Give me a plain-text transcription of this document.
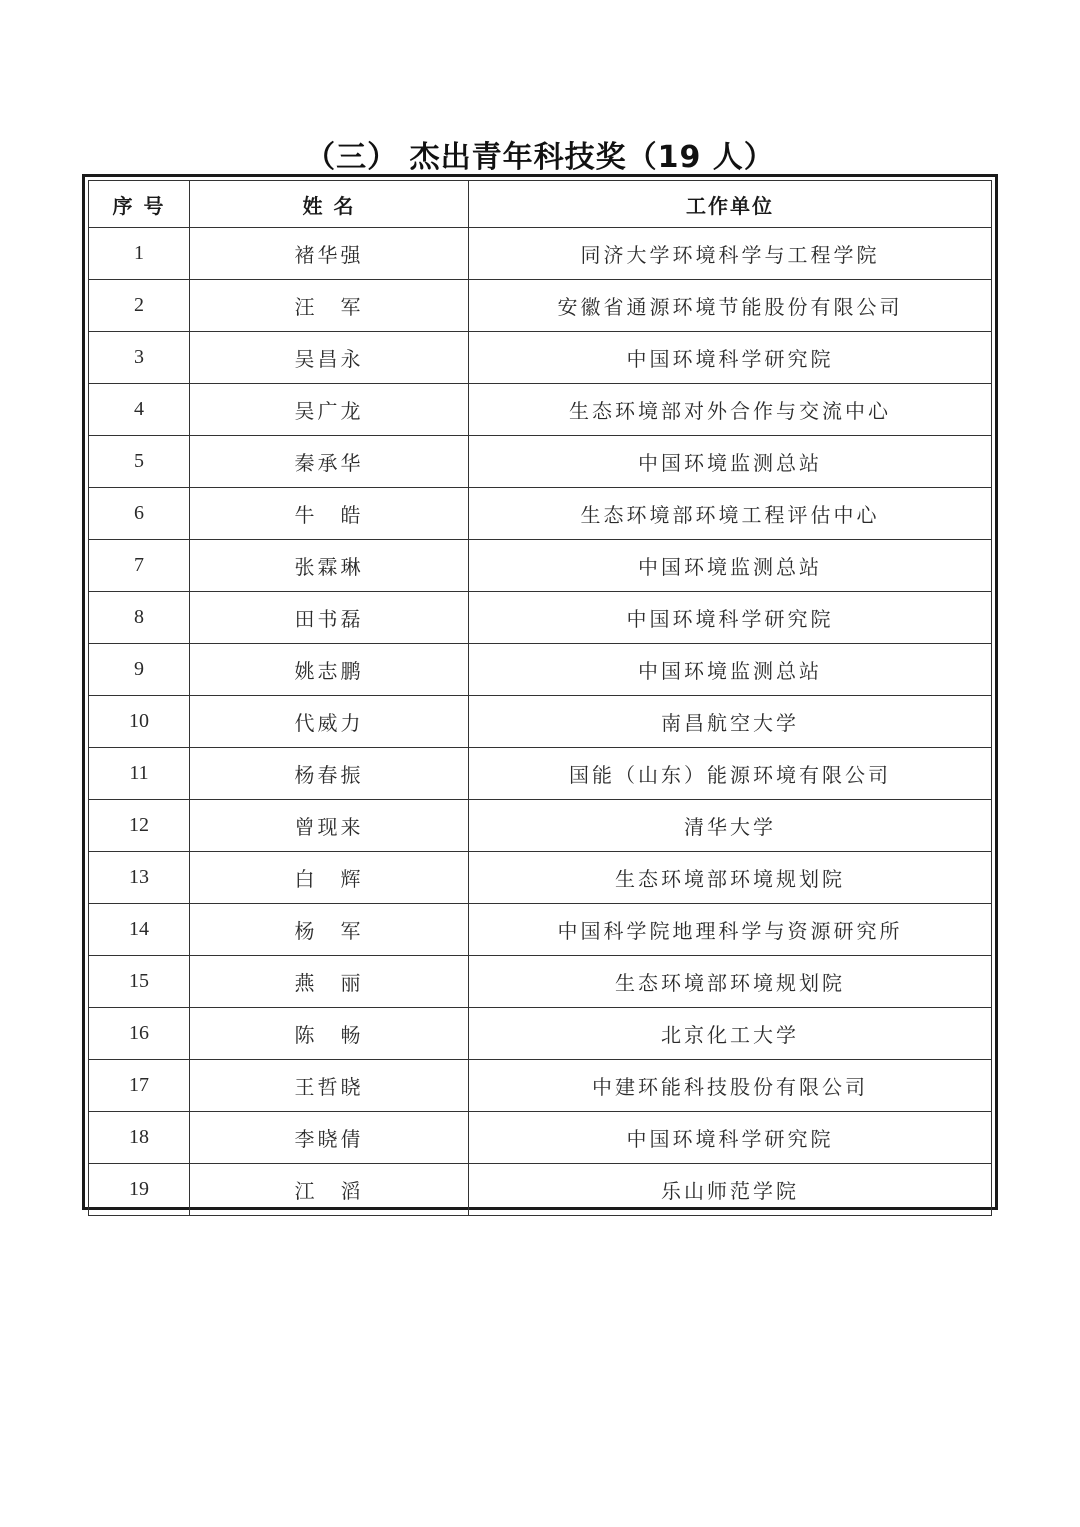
（三） 杰出青年科技奖（19 人）
序 号	姓 名	工作单位
1	褚华强	同济大学环境科学与工程学院
2	汪　军	安徽省通源环境节能股份有限公司
3	吴昌永	中国环境科学研究院
4	吴广龙	生态环境部对外合作与交流中心
5	秦承华	中国环境监测总站
6	牛　皓	生态环境部环境工程评估中心
7	张霖琳	中国环境监测总站
8	田书磊	中国环境科学研究院
9	姚志鹏	中国环境监测总站
10	代威力	南昌航空大学
11	杨春振	国能（山东）能源环境有限公司
12	曾现来	清华大学
13	白　辉	生态环境部环境规划院
14	杨　军	中国科学院地理科学与资源研究所
15	燕　丽	生态环境部环境规划院
16	陈　畅	北京化工大学
17	王哲晓	中建环能科技股份有限公司
18	李晓倩	中国环境科学研究院
19	江　滔	乐山师范学院
